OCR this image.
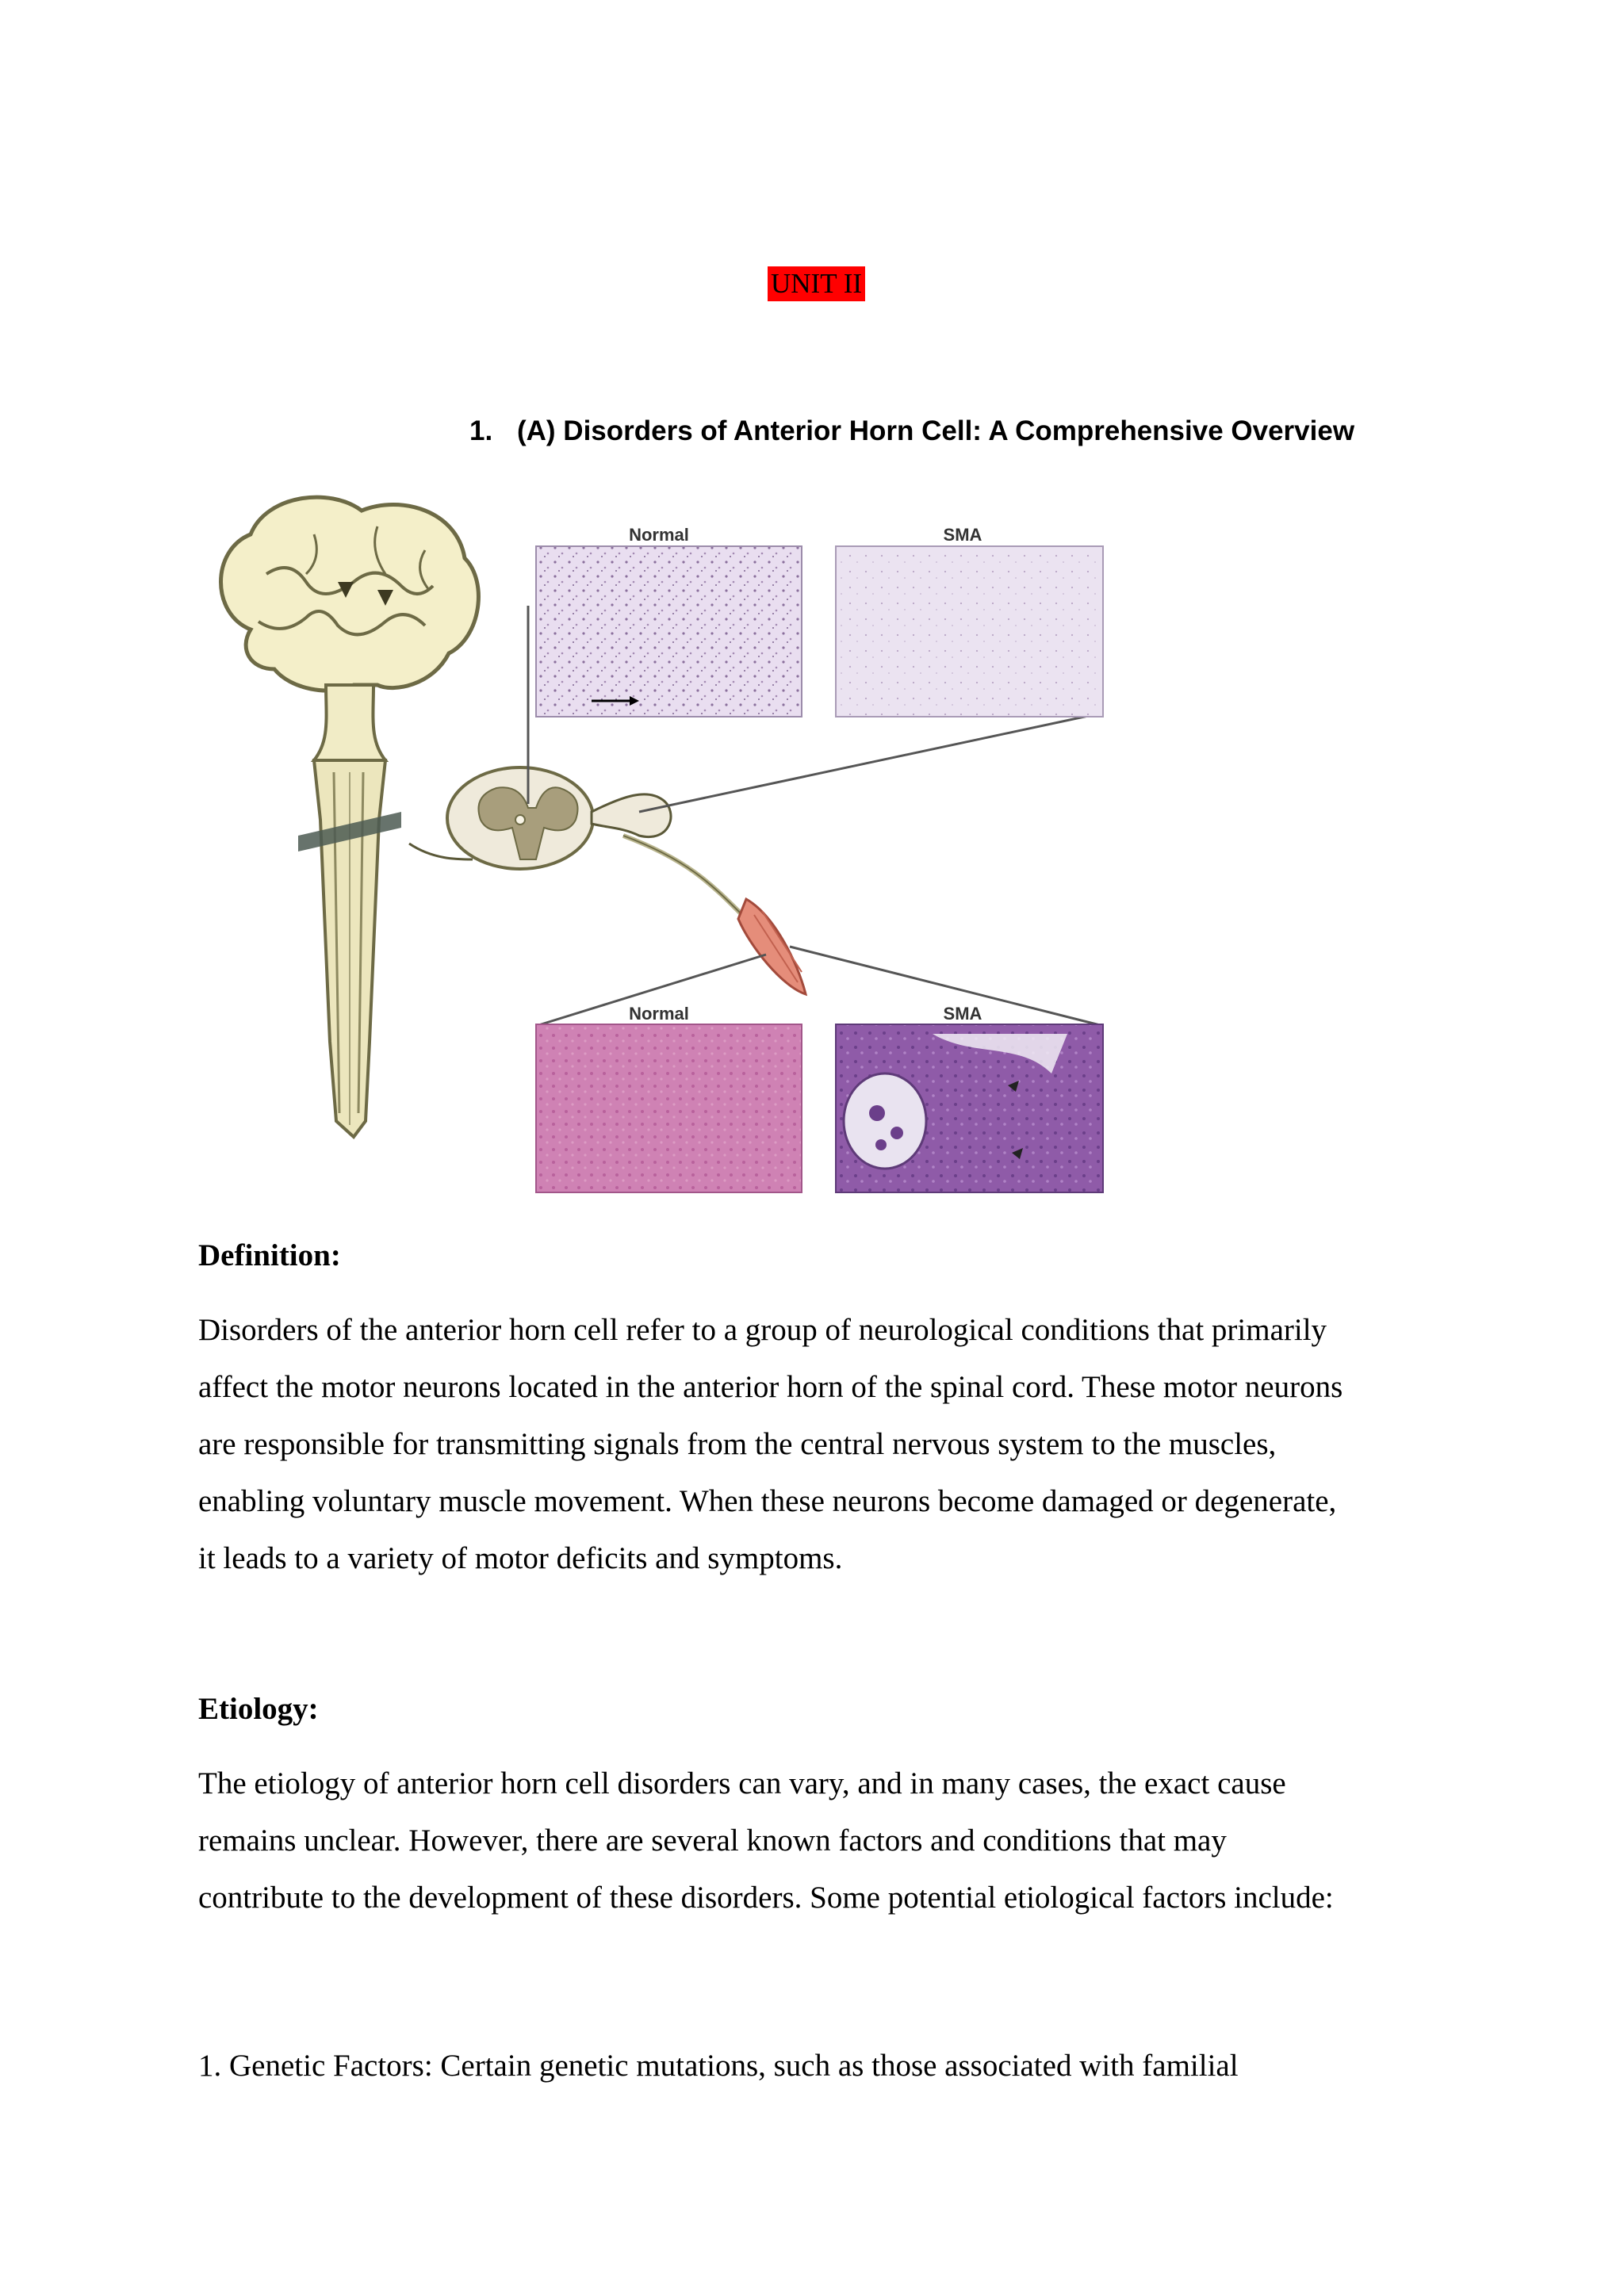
UNIT II
1. (A) Disorders of Anterior Horn Cell: A Comprehensive Overview
Normal	SMA
Normal	SMA
Definition:
Disorders of the anterior horn cell refer to a group of neurological conditions that primarily
affect the motor neurons located in the anterior horn of the spinal cord. These motor neurons
are responsible for transmitting signals from the central nervous system to the muscles,
enabling voluntary muscle movement. When these neurons become damaged or degenerate,
it leads to a variety of motor deficits and symptoms.
Etiology:
The etiology of anterior horn cell disorders can vary, and in many cases, the exact cause
remains unclear. However, there are several known factors and conditions that may
contribute to the development of these disorders. Some potential etiological factors include:
1. Genetic Factors: Certain genetic mutations, such as those associated with familial
